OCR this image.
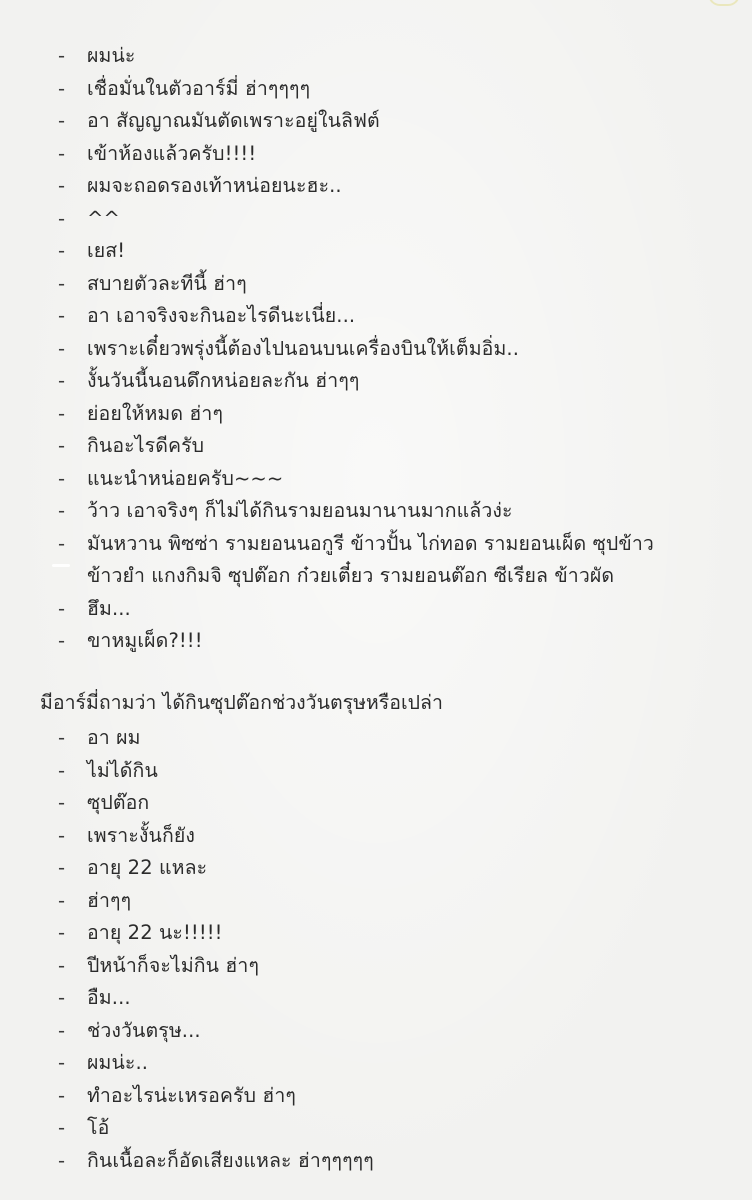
- ผมน่ะ
- เชื่อมั่นในตัวอาร์มี่ ฮ่าๆๆๆๆ
- อา สัญญาณมันตัดเพราะอยู่ในลิฟต์
- เข้าห้องแล้วครับ!!!!
- ผมจะถอดรองเท้าหน่อยนะฮะ..
- ^^
- เยส!
- สบายตัวละทีนี้ ฮ่าๆ
- อา เอาจริงจะกินอะไรดีนะเนี่ย...
- เพราะเดี๋ยวพรุ่งนี้ต้องไปนอนบนเครื่องบินให้เต็มอิ่ม..
- งั้นวันนี้นอนดึกหน่อยละกัน ฮ่าๆๆ
- ย่อยให้หมด ฮ่าๆ
- กินอะไรดีครับ
- แนะนำหน่อยครับ~~~
- ว้าว เอาจริงๆ ก็ไม่ได้กินรามยอนมานานมากแล้วง่ะ
- มันหวาน พิซซ่า รามยอนนอกูรี ข้าวปั้น ไก่ทอด รามยอนเผ็ด ซุปข้าว
ข้าวยำ แกงกิมจิ ซุปต๊อก ก๋วยเตี๋ยว รามยอนต๊อก ซีเรียล ข้าวผัด
- ฮึม...
- ขาหมูเผ็ด?!!!
มีอาร์มี่ถามว่า ได้กินซุปต๊อกช่วงวันตรุษหรือเปล่า
- อา ผม
- ไม่ได้กิน
- ซุปต๊อก
- เพราะงั้นก็ยัง
- อายุ 22 แหละ
- ฮ่าๆๆ
- อายุ 22 นะ!!!!!
- ปีหน้าก็จะไม่กิน ฮ่าๆ
- อืม...
- ช่วงวันตรุษ...
- ผมน่ะ..
- ทำอะไรน่ะเหรอครับ ฮ่าๆ
- โอ้
- กินเนื้อละก็อัดเสียงแหละ ฮ่าๆๆๆๆๆ
